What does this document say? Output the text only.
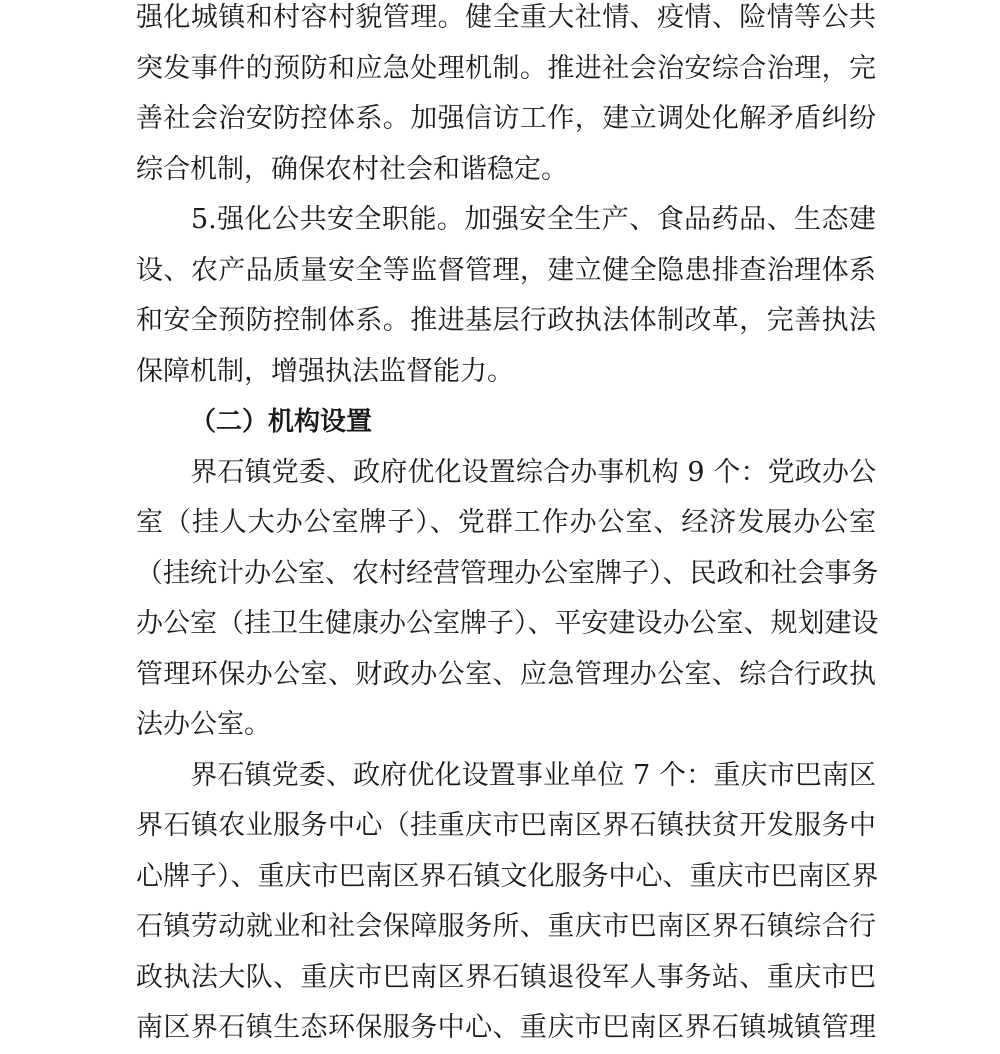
强化城镇和村容村貌管理。健全重大社情、疫情、险情等公共
突发事件的预防和应急处理机制。推进社会治安综合治理，完
善社会治安防控体系。加强信访工作，建立调处化解矛盾纠纷
综合机制，确保农村社会和谐稳定。
　　5.强化公共安全职能。加强安全生产、食品药品、生态建
设、农产品质量安全等监督管理，建立健全隐患排查治理体系
和安全预防控制体系。推进基层行政执法体制改革，完善执法
保障机制，增强执法监督能力。
（二）机构设置
　　界石镇党委、政府优化设置综合办事机构 9 个：党政办公
室（挂人大办公室牌子）、党群工作办公室、经济发展办公室
（挂统计办公室、农村经营管理办公室牌子）、民政和社会事务
办公室（挂卫生健康办公室牌子）、平安建设办公室、规划建设
管理环保办公室、财政办公室、应急管理办公室、综合行政执
法办公室。
　　界石镇党委、政府优化设置事业单位 7 个：重庆市巴南区
界石镇农业服务中心（挂重庆市巴南区界石镇扶贫开发服务中
心牌子）、重庆市巴南区界石镇文化服务中心、重庆市巴南区界
石镇劳动就业和社会保障服务所、重庆市巴南区界石镇综合行
政执法大队、重庆市巴南区界石镇退役军人事务站、重庆市巴
南区界石镇生态环保服务中心、重庆市巴南区界石镇城镇管理
